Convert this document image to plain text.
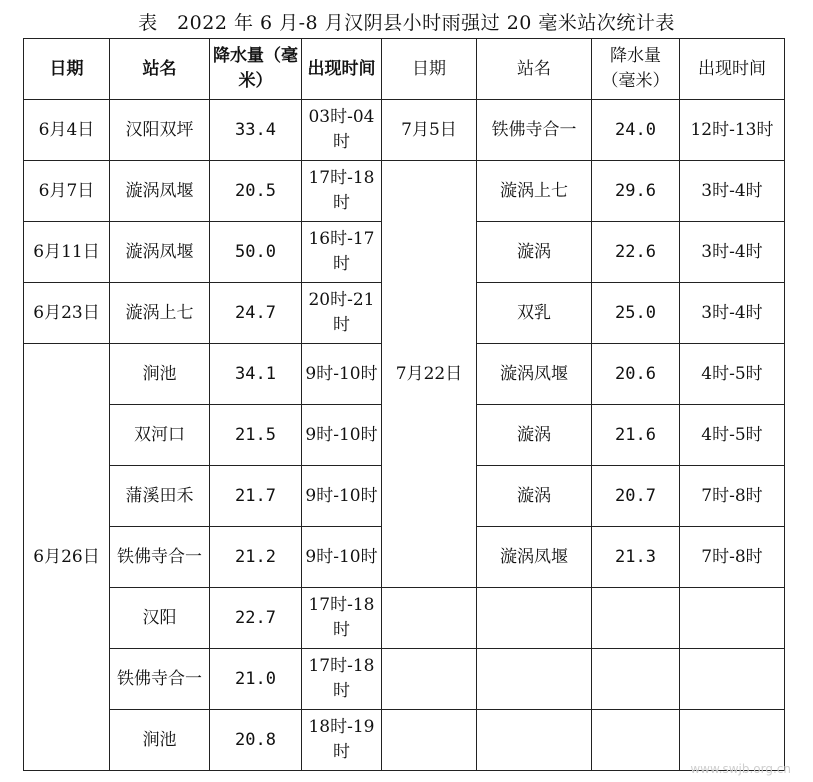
表　2022 年 6 月-8 月汉阴县小时雨强过 20 毫米站次统计表
日期	站名	降水量（毫米）	出现时间	日期	站名	降水量（毫米）	出现时间
6月4日	汉阳双坪	33.4	03时-04时	7月5日	铁佛寺合一	24.0	12时-13时
6月7日	漩涡凤堰	20.5	17时-18时	7月22日	漩涡上七	29.6	3时-4时
6月11日	漩涡凤堰	50.0	16时-17时		漩涡	22.6	3时-4时
6月23日	漩涡上七	24.7	20时-21时		双乳	25.0	3时-4时
6月26日	涧池	34.1	9时-10时		漩涡凤堰	20.6	4时-5时
	双河口	21.5	9时-10时		漩涡	21.6	4时-5时
	蒲溪田禾	21.7	9时-10时		漩涡	20.7	7时-8时
	铁佛寺合一	21.2	9时-10时		漩涡凤堰	21.3	7时-8时
	汉阳	22.7	17时-18时				
	铁佛寺合一	21.0	17时-18时				
	涧池	20.8	18时-19时				
www.swjb.org.cn
